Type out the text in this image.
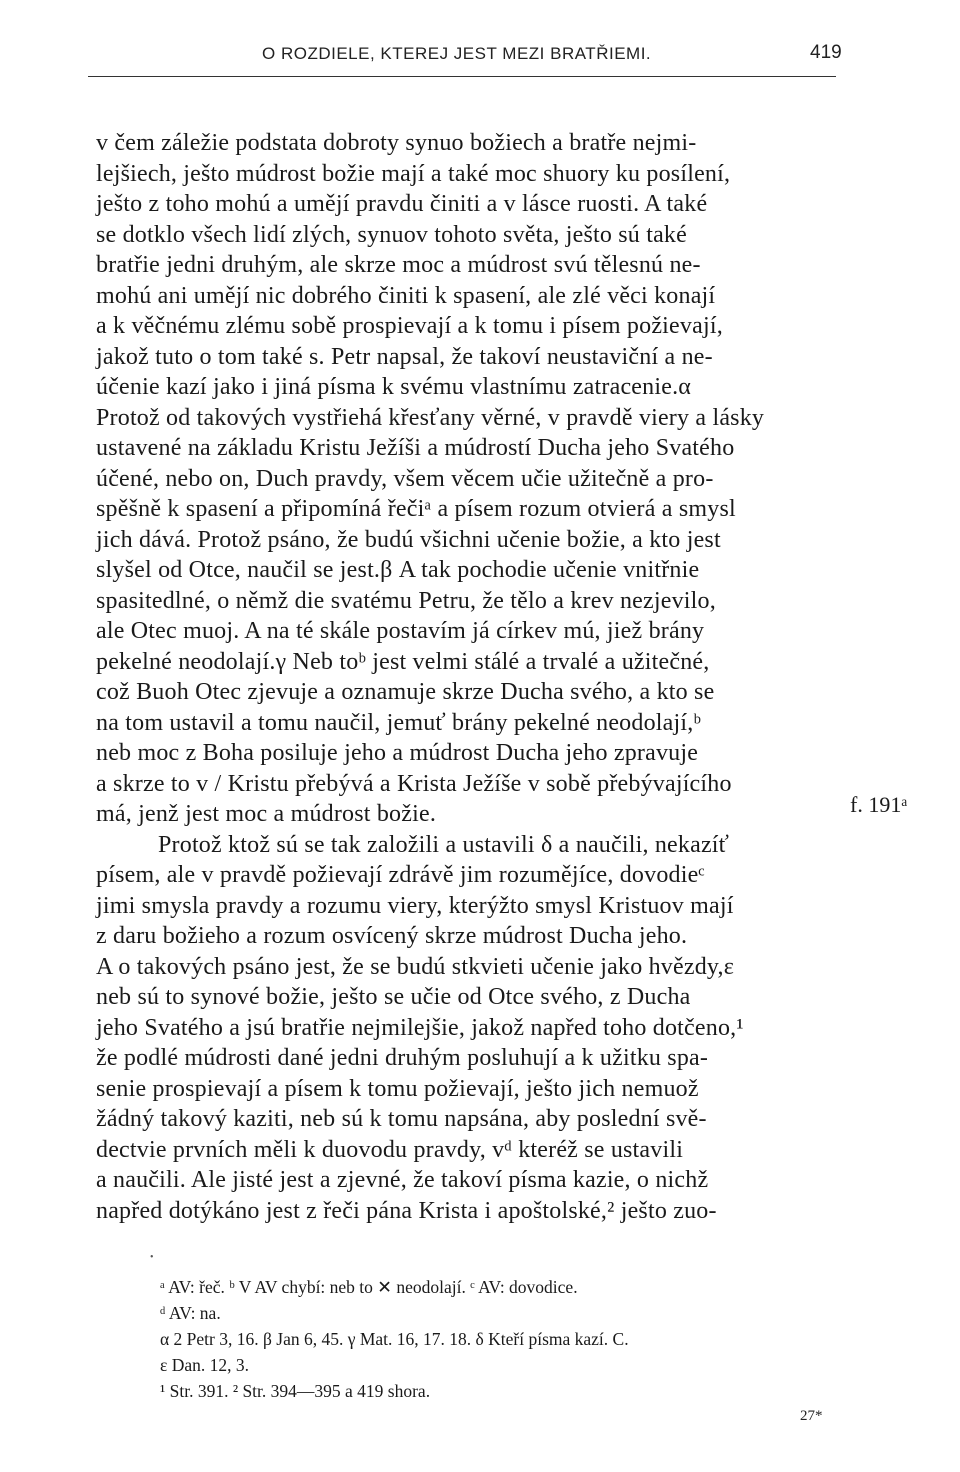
O ROZDIELE, KTEREJ JEST MEZI BRATŘIEMI.	419
v čem záležie podstata dobroty synuo božiech a bratře nejmi-
lejšiech, ješto múdrost božie mají a také moc shuory ku posílení,
ješto z toho mohú a umějí pravdu činiti a v lásce ruosti. A také
se dotklo všech lidí zlých, synuov tohoto světa, ješto sú také
bratřie jedni druhým, ale skrze moc a múdrost svú tělesnú ne-
mohú ani umějí nic dobrého činiti k spasení, ale zlé věci konají
a k věčnému zlému sobě prospievají a k tomu i písem požievají,
jakož tuto o tom také s. Petr napsal, že takoví neustaviční a ne-
účenie kazí jako i jiná písma k svému vlastnímu zatracenie.α
Protož od takových vystřiehá křesťany věrné, v pravdě viery a lásky
ustavené na základu Kristu Ježíši a múdrostí Ducha jeho Svatého
účené, nebo on, Duch pravdy, všem věcem učie užitečně a pro-
spěšně k spasení a připomíná řečiᵃ a písem rozum otvierá a smysl
jich dává. Protož psáno, že budú všichni učenie božie, a kto jest
slyšel od Otce, naučil se jest.β A tak pochodie učenie vnitřnie
spasitedlné, o němž die svatému Petru, že tělo a krev nezjevilo,
ale Otec muoj. A na té skále postavím já církev mú, jiež brány
pekelné neodolají.γ Neb toᵇ jest velmi stálé a trvalé a užitečné,
což Buoh Otec zjevuje a oznamuje skrze Ducha svého, a kto se
na tom ustavil a tomu naučil, jemuť brány pekelné neodolají,ᵇ
neb moc z Boha posiluje jeho a múdrost Ducha jeho zpravuje
a skrze to v / Kristu přebývá a Krista Ježíše v sobě přebývajícího
má, jenž jest moc a múdrost božie.
Protož ktož sú se tak založili a ustavili δ a naučili, nekazíť
písem, ale v pravdě požievají zdrávě jim rozumějíce, dovodieᶜ
jimi smysla pravdy a rozumu viery, kterýžto smysl Kristuov mají
z daru božieho a rozum osvícený skrze múdrost Ducha jeho.
A o takových psáno jest, že se budú stkvieti učenie jako hvězdy,ε
neb sú to synové božie, ješto se učie od Otce svého, z Ducha
jeho Svatého a jsú bratřie nejmilejšie, jakož napřed toho dotčeno,¹
že podlé múdrosti dané jedni druhým posluhují a k užitku spa-
senie prospievají a písem k tomu požievají, ješto jich nemuož
žádný takový kaziti, neb sú k tomu napsána, aby poslední svě-
dectvie prvních měli k duovodu pravdy, vᵈ kteréž se ustavili
a naučili. Ale jisté jest a zjevné, že takoví písma kazie, o nichž
napřed dotýkáno jest z řeči pána Krista i apoštolské,² ješto zuo-
f. 191ᵃ
•
ᵃ AV: řeč. ᵇ V AV chybí: neb to ✕ neodolají. ᶜ AV: dovodice.
ᵈ AV: na.
α 2 Petr 3, 16. β Jan 6, 45. γ Mat. 16, 17. 18. δ Kteří písma kazí. C.
ε Dan. 12, 3.
¹ Str. 391. ² Str. 394—395 a 419 shora.
27*
